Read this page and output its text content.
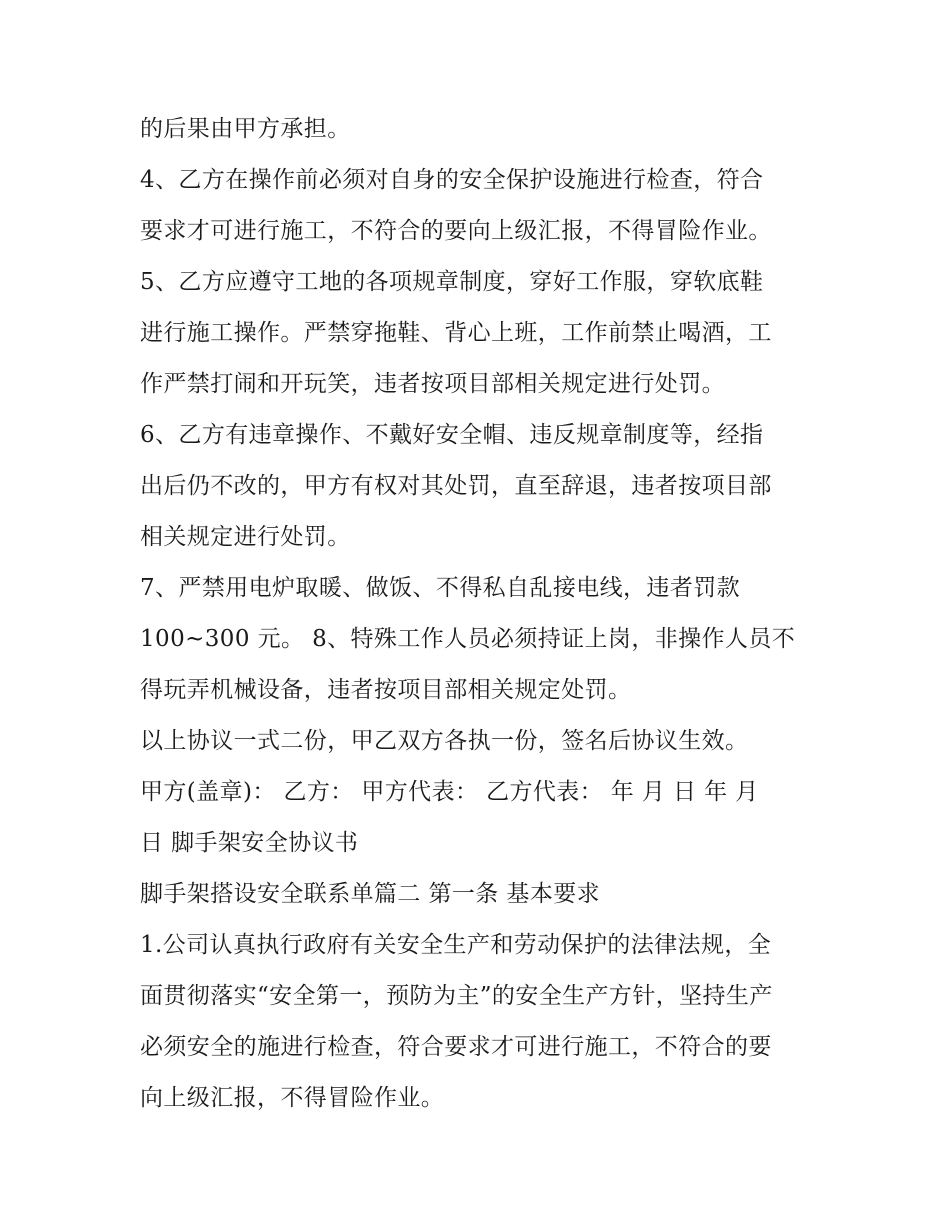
的后果由甲方承担。
4、乙方在操作前必须对自身的安全保护设施进行检查，符合
要求才可进行施工，不符合的要向上级汇报，不得冒险作业。
5、乙方应遵守工地的各项规章制度，穿好工作服，穿软底鞋
进行施工操作。严禁穿拖鞋、背心上班，工作前禁止喝酒，工
作严禁打闹和开玩笑，违者按项目部相关规定进行处罚。
6、乙方有违章操作、不戴好安全帽、违反规章制度等，经指
出后仍不改的，甲方有权对其处罚，直至辞退，违者按项目部
相关规定进行处罚。
7、严禁用电炉取暖、做饭、不得私自乱接电线，违者罚款
100~300 元。 8、特殊工作人员必须持证上岗，非操作人员不
得玩弄机械设备，违者按项目部相关规定处罚。
以上协议一式二份，甲乙双方各执一份，签名后协议生效。
甲方(盖章)： 乙方： 甲方代表： 乙方代表： 年 月 日 年 月
日 脚手架安全协议书
脚手架搭设安全联系单篇二 第一条 基本要求
1.公司认真执行政府有关安全生产和劳动保护的法律法规，全
面贯彻落实“安全第一，预防为主”的安全生产方针，坚持生产
必须安全的施进行检查，符合要求才可进行施工，不符合的要
向上级汇报，不得冒险作业。
